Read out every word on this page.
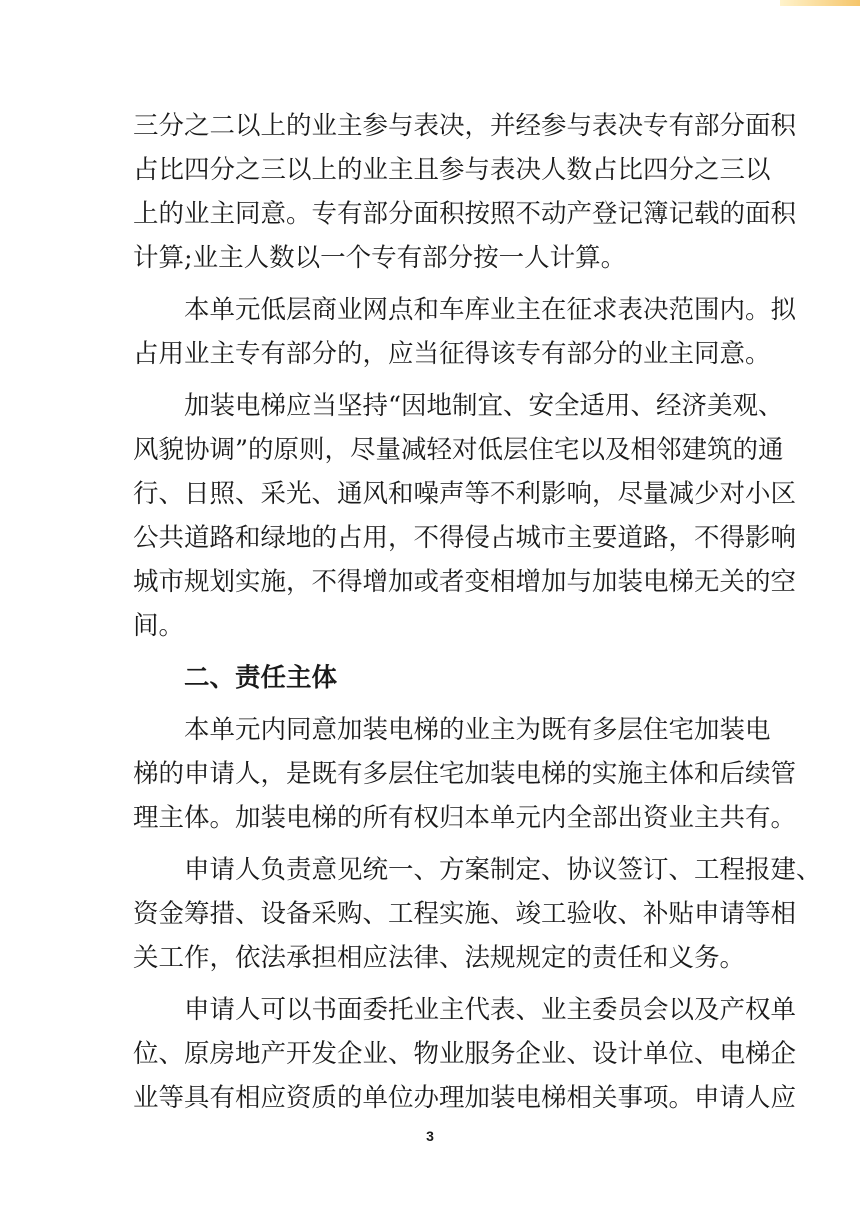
三分之二以上的业主参与表决，并经参与表决专有部分面积
占比四分之三以上的业主且参与表决人数占比四分之三以
上的业主同意。专有部分面积按照不动产登记簿记载的面积
计算;业主人数以一个专有部分按一人计算。
本单元低层商业网点和车库业主在征求表决范围内。拟
占用业主专有部分的，应当征得该专有部分的业主同意。
加装电梯应当坚持“因地制宜、安全适用、经济美观、
风貌协调”的原则，尽量减轻对低层住宅以及相邻建筑的通
行、日照、采光、通风和噪声等不利影响，尽量减少对小区
公共道路和绿地的占用，不得侵占城市主要道路，不得影响
城市规划实施，不得增加或者变相增加与加装电梯无关的空
间。
二、责任主体
本单元内同意加装电梯的业主为既有多层住宅加装电
梯的申请人，是既有多层住宅加装电梯的实施主体和后续管
理主体。加装电梯的所有权归本单元内全部出资业主共有。
申请人负责意见统一、方案制定、协议签订、工程报建、
资金筹措、设备采购、工程实施、竣工验收、补贴申请等相
关工作，依法承担相应法律、法规规定的责任和义务。
申请人可以书面委托业主代表、业主委员会以及产权单
位、原房地产开发企业、物业服务企业、设计单位、电梯企
业等具有相应资质的单位办理加装电梯相关事项。申请人应
3
